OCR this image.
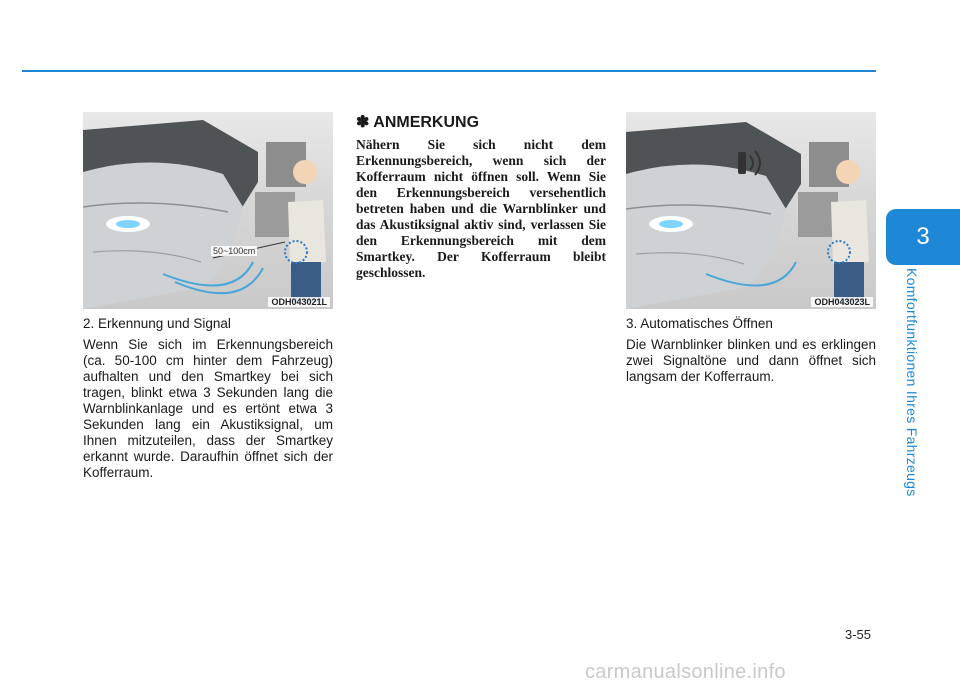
3
Komfortfunktionen Ihres Fahrzeugs
50~100cm
ODH043021L

2. Erkennung und Signal

Wenn Sie sich im Erkennungsbereich (ca. 50-100 cm hinter dem Fahrzeug) aufhalten und den Smartkey bei sich tragen, blinkt etwa 3 Sekunden lang die Warnblinkanlage und es ertönt etwa 3 Sekunden lang ein Akustiksignal, um Ihnen mitzuteilen, dass der Smartkey erkannt wurde. Daraufhin öffnet sich der Kofferraum.

✽ ANMERKUNG

Nähern Sie sich nicht dem Erkennungsbereich, wenn sich der Kofferraum nicht öffnen soll. Wenn Sie den Erkennungsbereich versehentlich betreten haben und die Warnblinker und das Akustiksignal aktiv sind, verlassen Sie den Erkennungsbereich mit dem Smartkey. Der Kofferraum bleibt geschlossen.

ODH043023L

3. Automatisches Öffnen

Die Warnblinker blinken und es erklingen zwei Signaltöne und dann öffnet sich langsam der Kofferraum.

3-55
carmanualsonline.info
